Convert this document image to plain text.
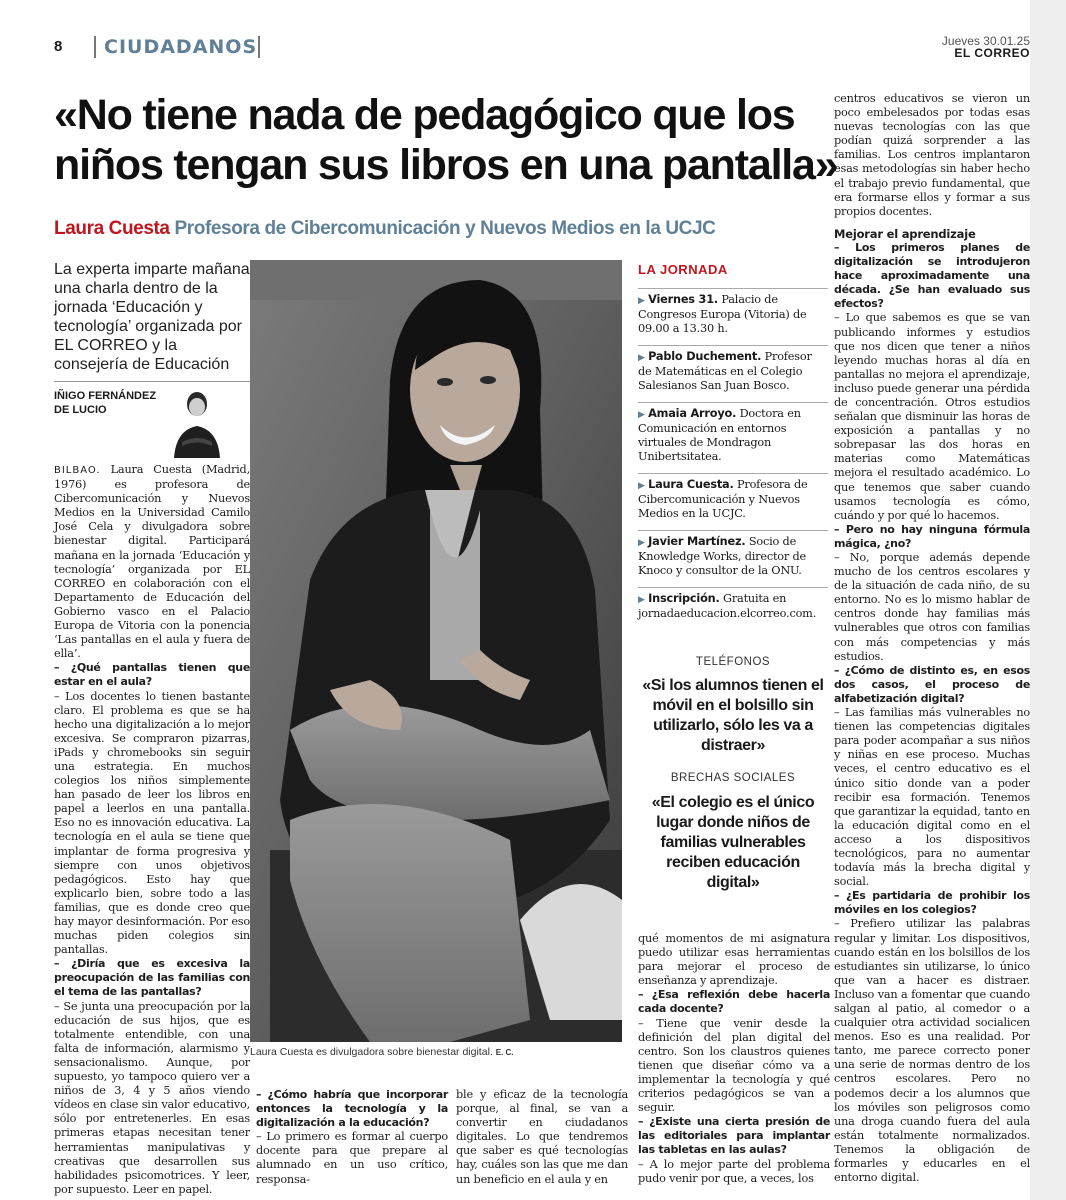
8 CIUDADANOS	Jueves 30.01.25
EL CORREO
«No tiene nada de pedagógico que los niños tengan sus libros en una pantalla»
Laura Cuesta Profesora de Cibercomunicación y Nuevos Medios en la UCJC
La experta imparte mañana una charla dentro de la jornada ‘Educación y tecnología’ organizada por EL CORREO y la consejería de Educación
IÑIGO FERNÁNDEZ
DE LUCIO

BILBAO. Laura Cuesta (Madrid, 1976) es profesora de Cibercomunicación y Nuevos Medios en la Universidad Camilo José Cela y divulgadora sobre bienestar digital. Participará mañana en la jornada ‘Educación y tecnología’ organizada por EL CORREO en colaboración con el Departamento de Educación del Gobierno vasco en el Palacio Europa de Vitoria con la ponencia ‘Las pantallas en el aula y fuera de ella’.

– ¿Qué pantallas tienen que estar en el aula?

– Los docentes lo tienen bastante claro. El problema es que se ha hecho una digitalización a lo mejor excesiva. Se compraron pizarras, iPads y chromebooks sin seguir una estrategia. En muchos colegios los niños simplemente han pasado de leer los libros en papel a leerlos en una pantalla. Eso no es innovación educativa. La tecnología en el aula se tiene que implantar de forma progresiva y siempre con unos objetivos pedagógicos. Esto hay que explicarlo bien, sobre todo a las familias, que es donde creo que hay mayor desinformación. Por eso muchas piden colegios sin pantallas.

– ¿Diría que es excesiva la preocupación de las familias con el tema de las pantallas?

– Se junta una preocupación por la educación de sus hijos, que es totalmente entendible, con una falta de información, alarmismo y sensacionalismo. Aunque, por supuesto, yo tampoco quiero ver a niños de 3, 4 y 5 años viendo vídeos en clase sin valor educativo, sólo por entretenerles. En esas primeras etapas necesitan tener herramientas manipulativas y creativas que desarrollen sus habilidades psicomotrices. Y leer, por supuesto. Leer en papel.

Laura Cuesta es divulgadora sobre bienestar digital. E. C.

– ¿Cómo habría que incorporar entonces la tecnología y la digitalización a la educación?

– Lo primero es formar al cuerpo docente para que prepare al alumnado en un uso crítico, responsa-

ble y eficaz de la tecnología porque, al final, se van a convertir en ciudadanos digitales. Lo que tendremos que saber es qué tecnologías hay, cuáles son las que me dan un beneficio en el aula y en

LA JORNADA
▶ Viernes 31. Palacio de Congresos Europa (Vitoria) de 09.00 a 13.30 h.
▶ Pablo Duchement. Profesor de Matemáticas en el Colegio Salesianos San Juan Bosco.
▶ Amaia Arroyo. Doctora en Comunicación en entornos virtuales de Mondragon Unibertsitatea.
▶ Laura Cuesta. Profesora de Cibercomunicación y Nuevos Medios en la UCJC.
▶ Javier Martínez. Socio de Knowledge Works, director de Knoco y consultor de la ONU.
▶ Inscripción. Gratuita en jornadaeducacion.elcorreo.com.
TELÉFONOS
«Si los alumnos tienen el móvil en el bolsillo sin utilizarlo, sólo les va a distraer»
BRECHAS SOCIALES
«El colegio es el único lugar donde niños de familias vulnerables reciben educación digital»

qué momentos de mi asignatura puedo utilizar esas herramientas para mejorar el proceso de enseñanza y aprendizaje.

– ¿Esa reflexión debe hacerla cada docente?

– Tiene que venir desde la definición del plan digital del centro. Son los claustros quienes tienen que diseñar cómo va a implementar la tecnología y qué criterios pedagógicos se van a seguir.

– ¿Existe una cierta presión de las editoriales para implantar las tabletas en las aulas?

– A lo mejor parte del problema pudo venir por que, a veces, los

centros educativos se vieron un poco embelesados por todas esas nuevas tecnologías con las que podían quizá sorprender a las familias. Los centros implantaron esas metodologías sin haber hecho el trabajo previo fundamental, que era formarse ellos y formar a sus propios docentes.

Mejorar el aprendizaje

– Los primeros planes de digitalización se introdujeron hace aproximadamente una década. ¿Se han evaluado sus efectos?

– Lo que sabemos es que se van publicando informes y estudios que nos dicen que tener a niños leyendo muchas horas al día en pantallas no mejora el aprendizaje, incluso puede generar una pérdida de concentración. Otros estudios señalan que disminuir las horas de exposición a pantallas y no sobrepasar las dos horas en materias como Matemáticas mejora el resultado académico. Lo que tenemos que saber cuando usamos tecnología es cómo, cuándo y por qué lo hacemos.

– Pero no hay ninguna fórmula mágica, ¿no?

– No, porque además depende mucho de los centros escolares y de la situación de cada niño, de su entorno. No es lo mismo hablar de centros donde hay familias más vulnerables que otros con familias con más competencias y más estudios.

– ¿Cómo de distinto es, en esos dos casos, el proceso de alfabetización digital?

– Las familias más vulnerables no tienen las competencias digitales para poder acompañar a sus niños y niñas en ese proceso. Muchas veces, el centro educativo es el único sitio donde van a poder recibir esa formación. Tenemos que garantizar la equidad, tanto en la educación digital como en el acceso a los dispositivos tecnológicos, para no aumentar todavía más la brecha digital y social.

– ¿Es partidaria de prohibir los móviles en los colegios?

– Prefiero utilizar las palabras regular y limitar. Los dispositivos, cuando están en los bolsillos de los estudiantes sin utilizarse, lo único que van a hacer es distraer. Incluso van a fomentar que cuando salgan al patio, al comedor o a cualquier otra actividad socialicen menos. Eso es una realidad. Por tanto, me parece correcto poner una serie de normas dentro de los centros escolares. Pero no podemos decir a los alumnos que los móviles son peligrosos como una droga cuando fuera del aula están totalmente normalizados. Tenemos la obligación de formarles y educarles en el entorno digital.
